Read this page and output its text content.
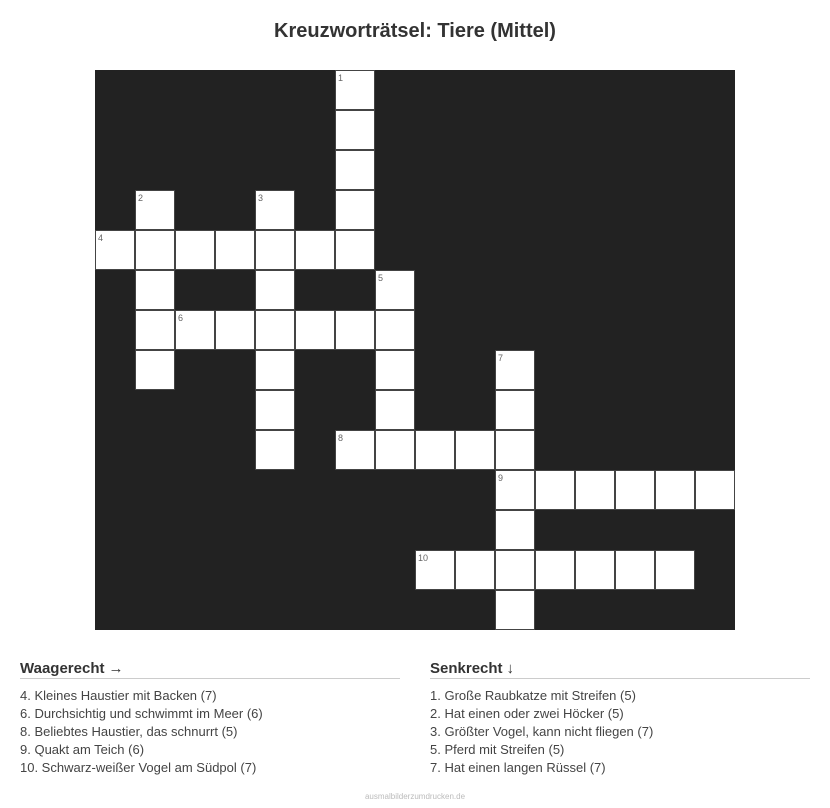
Kreuzworträtsel: Tiere (Mittel)
1
2	3
4
5
6
7
8
9
10
Waagerecht →
4. Kleines Haustier mit Backen (7)
6. Durchsichtig und schwimmt im Meer (6)
8. Beliebtes Haustier, das schnurrt (5)
9. Quakt am Teich (6)
10. Schwarz-weißer Vogel am Südpol (7)
Senkrecht ↓
1. Große Raubkatze mit Streifen (5)
2. Hat einen oder zwei Höcker (5)
3. Größter Vogel, kann nicht fliegen (7)
5. Pferd mit Streifen (5)
7. Hat einen langen Rüssel (7)
ausmalbilderzumdrucken.de
